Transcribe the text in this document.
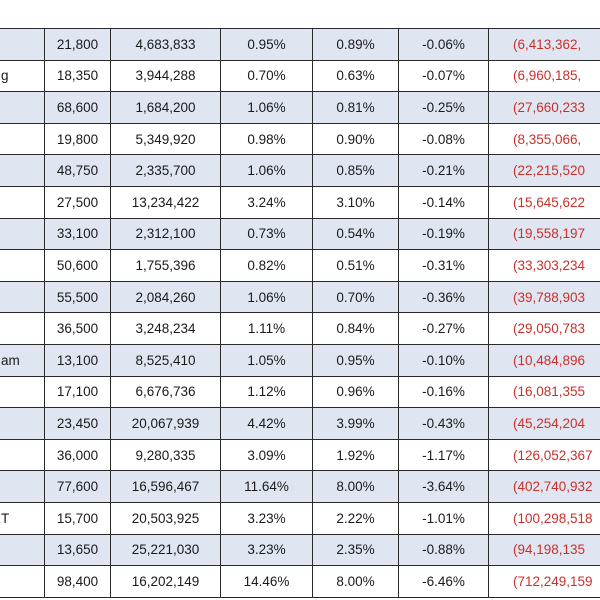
	21,800	4,683,833	0.95%	0.89%	-0.06%	(6,413,362,
g	18,350	3,944,288	0.70%	0.63%	-0.07%	(6,960,185,
	68,600	1,684,200	1.06%	0.81%	-0.25%	(27,660,233
	19,800	5,349,920	0.98%	0.90%	-0.08%	(8,355,066,
	48,750	2,335,700	1.06%	0.85%	-0.21%	(22,215,520
	27,500	13,234,422	3.24%	3.10%	-0.14%	(15,645,622
	33,100	2,312,100	0.73%	0.54%	-0.19%	(19,558,197
	50,600	1,755,396	0.82%	0.51%	-0.31%	(33,303,234
	55,500	2,084,260	1.06%	0.70%	-0.36%	(39,788,903
	36,500	3,248,234	1.11%	0.84%	-0.27%	(29,050,783
am	13,100	8,525,410	1.05%	0.95%	-0.10%	(10,484,896
	17,100	6,676,736	1.12%	0.96%	-0.16%	(16,081,355
	23,450	20,067,939	4.42%	3.99%	-0.43%	(45,254,204
	36,000	9,280,335	3.09%	1.92%	-1.17%	(126,052,367
	77,600	16,596,467	11.64%	8.00%	-3.64%	(402,740,932
T	15,700	20,503,925	3.23%	2.22%	-1.01%	(100,298,518
	13,650	25,221,030	3.23%	2.35%	-0.88%	(94,198,135
	98,400	16,202,149	14.46%	8.00%	-6.46%	(712,249,159
